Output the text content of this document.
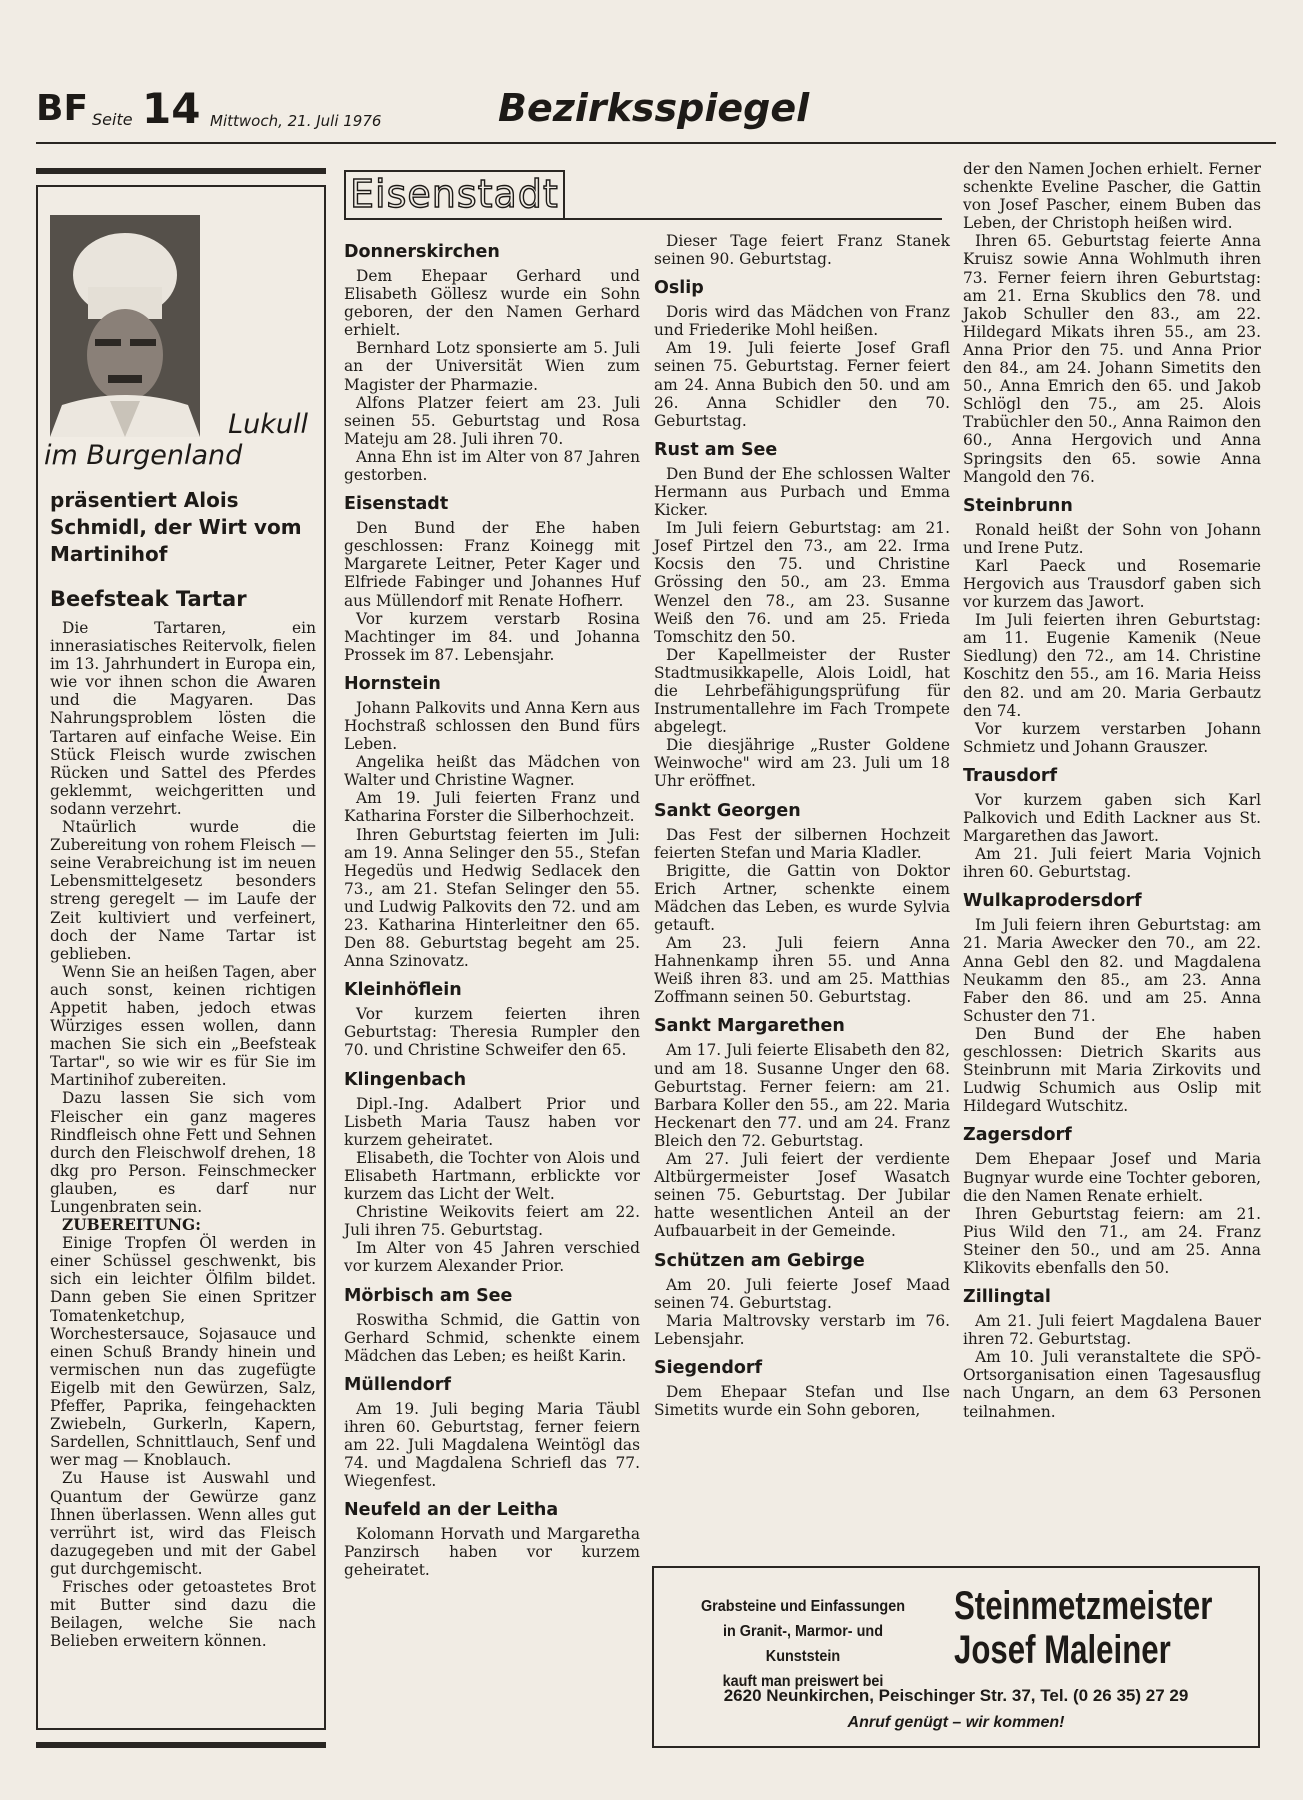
BF Seite 14 Mittwoch, 21. Juli 1976	Bezirksspiegel
Lukull
im Burgenland
präsentiert Alois Schmidl, der Wirt vom Martinihof
Beefsteak Tartar

Die Tartaren, ein innerasiatisches Reitervolk, fielen im 13. Jahrhundert in Europa ein, wie vor ihnen schon die Awaren und die Magyaren. Das Nahrungsproblem lösten die Tartaren auf einfache Weise. Ein Stück Fleisch wurde zwischen Rücken und Sattel des Pferdes geklemmt, weichgeritten und sodann verzehrt.

Ntaürlich wurde die Zubereitung von rohem Fleisch — seine Verabreichung ist im neuen Lebensmittelgesetz besonders streng geregelt — im Laufe der Zeit kultiviert und verfeinert, doch der Name Tartar ist geblieben.

Wenn Sie an heißen Tagen, aber auch sonst, keinen richtigen Appetit haben, jedoch etwas Würziges essen wollen, dann machen Sie sich ein „Beefsteak Tartar", so wie wir es für Sie im Martinihof zubereiten.

Dazu lassen Sie sich vom Fleischer ein ganz mageres Rindfleisch ohne Fett und Sehnen durch den Fleischwolf drehen, 18 dkg pro Person. Feinschmecker glauben, es darf nur Lungenbraten sein.

ZUBEREITUNG:

Einige Tropfen Öl werden in einer Schüssel geschwenkt, bis sich ein leichter Ölfilm bildet. Dann geben Sie einen Spritzer Tomatenketchup, Worchestersauce, Sojasauce und einen Schuß Brandy hinein und vermischen nun das zugefügte Eigelb mit den Gewürzen, Salz, Pfeffer, Paprika, feingehackten Zwiebeln, Gurkerln, Kapern, Sardellen, Schnittlauch, Senf und wer mag — Knoblauch.

Zu Hause ist Auswahl und Quantum der Gewürze ganz Ihnen überlassen. Wenn alles gut verrührt ist, wird das Fleisch dazugegeben und mit der Gabel gut durchgemischt.

Frisches oder getoastetes Brot mit Butter sind dazu die Beilagen, welche Sie nach Belieben erweitern können.

Eisenstadt
Donnerskirchen

Dem Ehepaar Gerhard und Elisabeth Göllesz wurde ein Sohn geboren, der den Namen Gerhard erhielt.

Bernhard Lotz sponsierte am 5. Juli an der Universität Wien zum Magister der Pharmazie.

Alfons Platzer feiert am 23. Juli seinen 55. Geburtstag und Rosa Mateju am 28. Juli ihren 70.

Anna Ehn ist im Alter von 87 Jahren gestorben.

Eisenstadt

Den Bund der Ehe haben geschlossen: Franz Koinegg mit Margarete Leitner, Peter Kager und Elfriede Fabinger und Johannes Huf aus Müllendorf mit Renate Hofherr.

Vor kurzem verstarb Rosina Machtinger im 84. und Johanna Prossek im 87. Lebensjahr.

Hornstein

Johann Palkovits und Anna Kern aus Hochstraß schlossen den Bund fürs Leben.

Angelika heißt das Mädchen von Walter und Christine Wagner.

Am 19. Juli feierten Franz und Katharina Forster die Silberhochzeit.

Ihren Geburtstag feierten im Juli: am 19. Anna Selinger den 55., Stefan Hegedüs und Hedwig Sedlacek den 73., am 21. Stefan Selinger den 55. und Ludwig Palkovits den 72. und am 23. Katharina Hinterleitner den 65. Den 88. Geburtstag begeht am 25. Anna Szinovatz.

Kleinhöflein

Vor kurzem feierten ihren Geburtstag: Theresia Rumpler den 70. und Christine Schweifer den 65.

Klingenbach

Dipl.-Ing. Adalbert Prior und Lisbeth Maria Tausz haben vor kurzem geheiratet.

Elisabeth, die Tochter von Alois und Elisabeth Hartmann, erblickte vor kurzem das Licht der Welt.

Christine Weikovits feiert am 22. Juli ihren 75. Geburtstag.

Im Alter von 45 Jahren verschied vor kurzem Alexander Prior.

Mörbisch am See

Roswitha Schmid, die Gattin von Gerhard Schmid, schenkte einem Mädchen das Leben; es heißt Karin.

Müllendorf

Am 19. Juli beging Maria Täubl ihren 60. Geburtstag, ferner feiern am 22. Juli Magdalena Weintögl das 74. und Magdalena Schriefl das 77. Wiegenfest.

Neufeld an der Leitha

Kolomann Horvath und Margaretha Panzirsch haben vor kurzem geheiratet.

Dieser Tage feiert Franz Stanek seinen 90. Geburtstag.

Oslip

Doris wird das Mädchen von Franz und Friederike Mohl heißen.

Am 19. Juli feierte Josef Grafl seinen 75. Geburtstag. Ferner feiert am 24. Anna Bubich den 50. und am 26. Anna Schidler den 70. Geburtstag.

Rust am See

Den Bund der Ehe schlossen Walter Hermann aus Purbach und Emma Kicker.

Im Juli feiern Geburtstag: am 21. Josef Pirtzel den 73., am 22. Irma Kocsis den 75. und Christine Grössing den 50., am 23. Emma Wenzel den 78., am 23. Susanne Weiß den 76. und am 25. Frieda Tomschitz den 50.

Der Kapellmeister der Ruster Stadtmusikkapelle, Alois Loidl, hat die Lehrbefähigungsprüfung für Instrumentallehre im Fach Trompete abgelegt.

Die diesjährige „Ruster Goldene Weinwoche" wird am 23. Juli um 18 Uhr eröffnet.

Sankt Georgen

Das Fest der silbernen Hochzeit feierten Stefan und Maria Kladler.

Brigitte, die Gattin von Doktor Erich Artner, schenkte einem Mädchen das Leben, es wurde Sylvia getauft.

Am 23. Juli feiern Anna Hahnenkamp ihren 55. und Anna Weiß ihren 83. und am 25. Matthias Zoffmann seinen 50. Geburtstag.

Sankt Margarethen

Am 17. Juli feierte Elisabeth den 82, und am 18. Susanne Unger den 68. Geburtstag. Ferner feiern: am 21. Barbara Koller den 55., am 22. Maria Heckenart den 77. und am 24. Franz Bleich den 72. Geburtstag.

Am 27. Juli feiert der verdiente Altbürgermeister Josef Wasatch seinen 75. Geburtstag. Der Jubilar hatte wesentlichen Anteil an der Aufbauarbeit in der Gemeinde.

Schützen am Gebirge

Am 20. Juli feierte Josef Maad seinen 74. Geburtstag.

Maria Maltrovsky verstarb im 76. Lebensjahr.

Siegendorf

Dem Ehepaar Stefan und Ilse Simetits wurde ein Sohn geboren,

der den Namen Jochen erhielt. Ferner schenkte Eveline Pascher, die Gattin von Josef Pascher, einem Buben das Leben, der Christoph heißen wird.

Ihren 65. Geburtstag feierte Anna Kruisz sowie Anna Wohlmuth ihren 73. Ferner feiern ihren Geburtstag: am 21. Erna Skublics den 78. und Jakob Schuller den 83., am 22. Hildegard Mikats ihren 55., am 23. Anna Prior den 75. und Anna Prior den 84., am 24. Johann Simetits den 50., Anna Emrich den 65. und Jakob Schlögl den 75., am 25. Alois Trabüchler den 50., Anna Raimon den 60., Anna Hergovich und Anna Springsits den 65. sowie Anna Mangold den 76.

Steinbrunn

Ronald heißt der Sohn von Johann und Irene Putz.

Karl Paeck und Rosemarie Hergovich aus Trausdorf gaben sich vor kurzem das Jawort.

Im Juli feierten ihren Geburtstag: am 11. Eugenie Kamenik (Neue Siedlung) den 72., am 14. Christine Koschitz den 55., am 16. Maria Heiss den 82. und am 20. Maria Gerbautz den 74.

Vor kurzem verstarben Johann Schmietz und Johann Grauszer.

Trausdorf

Vor kurzem gaben sich Karl Palkovich und Edith Lackner aus St. Margarethen das Jawort.

Am 21. Juli feiert Maria Vojnich ihren 60. Geburtstag.

Wulkaprodersdorf

Im Juli feiern ihren Geburtstag: am 21. Maria Awecker den 70., am 22. Anna Gebl den 82. und Magdalena Neukamm den 85., am 23. Anna Faber den 86. und am 25. Anna Schuster den 71.

Den Bund der Ehe haben geschlossen: Dietrich Skarits aus Steinbrunn mit Maria Zirkovits und Ludwig Schumich aus Oslip mit Hildegard Wutschitz.

Zagersdorf

Dem Ehepaar Josef und Maria Bugnyar wurde eine Tochter geboren, die den Namen Renate erhielt.

Ihren Geburtstag feiern: am 21. Pius Wild den 71., am 24. Franz Steiner den 50., und am 25. Anna Klikovits ebenfalls den 50.

Zillingtal

Am 21. Juli feiert Magdalena Bauer ihren 72. Geburtstag.

Am 10. Juli veranstaltete die SPÖ-Ortsorganisation einen Tagesausflug nach Ungarn, an dem 63 Personen teilnahmen.

Grabsteine und Einfassungen
in Granit-, Marmor- und Kunststein
kauft man preiswert bei
Steinmetzmeister
Josef Maleiner
2620 Neunkirchen, Peischinger Str. 37, Tel. (0 26 35) 27 29
Anruf genügt – wir kommen!
